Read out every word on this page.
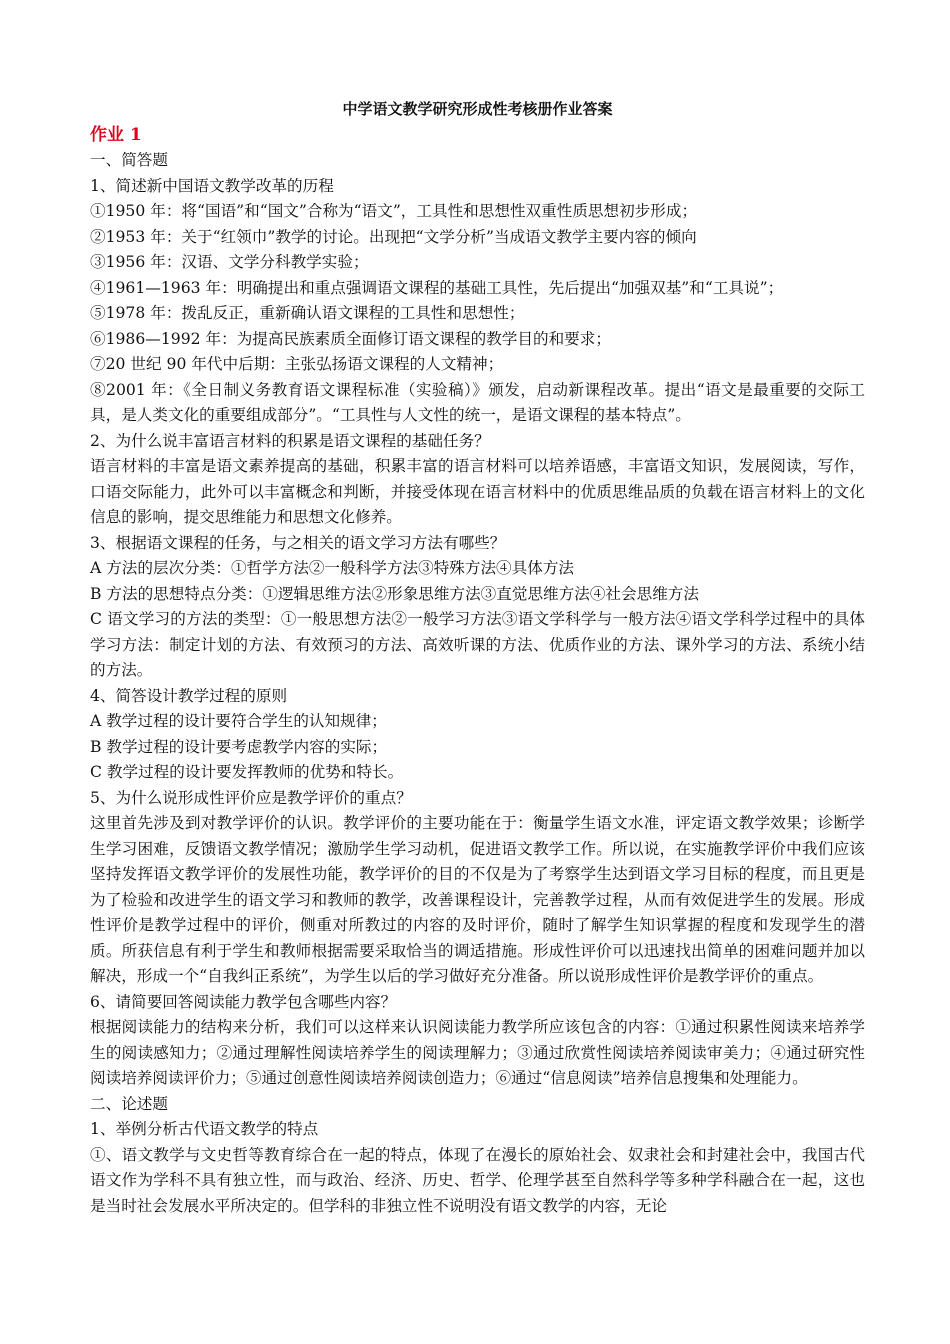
中学语文教学研究形成性考核册作业答案
作业 1
一、简答题
1、简述新中国语文教学改革的历程
①1950 年：将“国语”和“国文”合称为“语文”，工具性和思想性双重性质思想初步形成；
②1953 年：关于“红领巾”教学的讨论。出现把“文学分析”当成语文教学主要内容的倾向
③1956 年：汉语、文学分科教学实验；
④1961—1963 年：明确提出和重点强调语文课程的基础工具性，先后提出“加强双基”和“工具说”；
⑤1978 年：拨乱反正，重新确认语文课程的工具性和思想性；
⑥1986—1992 年：为提高民族素质全面修订语文课程的教学目的和要求；
⑦20 世纪 90 年代中后期：主张弘扬语文课程的人文精神；
⑧2001 年：《全日制义务教育语文课程标准（实验稿）》颁发，启动新课程改革。提出“语文是最重要的交际工具，是人类文化的重要组成部分”。“工具性与人文性的统一，是语文课程的基本特点”。
2、为什么说丰富语言材料的积累是语文课程的基础任务？
语言材料的丰富是语文素养提高的基础，积累丰富的语言材料可以培养语感，丰富语文知识，发展阅读，写作，口语交际能力，此外可以丰富概念和判断，并接受体现在语言材料中的优质思维品质的负载在语言材料上的文化信息的影响，提交思维能力和思想文化修养。
3、根据语文课程的任务，与之相关的语文学习方法有哪些？
A 方法的层次分类：①哲学方法②一般科学方法③特殊方法④具体方法
B 方法的思想特点分类：①逻辑思维方法②形象思维方法③直觉思维方法④社会思维方法
C 语文学习的方法的类型：①一般思想方法②一般学习方法③语文学科学与一般方法④语文学科学过程中的具体学习方法：制定计划的方法、有效预习的方法、高效听课的方法、优质作业的方法、课外学习的方法、系统小结的方法。
4、简答设计教学过程的原则
A 教学过程的设计要符合学生的认知规律；
B 教学过程的设计要考虑教学内容的实际；
C 教学过程的设计要发挥教师的优势和特长。
5、为什么说形成性评价应是教学评价的重点？
这里首先涉及到对教学评价的认识。教学评价的主要功能在于：衡量学生语文水准，评定语文教学效果；诊断学生学习困难，反馈语文教学情况；激励学生学习动机，促进语文教学工作。所以说，在实施教学评价中我们应该坚持发挥语文教学评价的发展性功能，教学评价的目的不仅是为了考察学生达到语文学习目标的程度，而且更是为了检验和改进学生的语文学习和教师的教学，改善课程设计，完善教学过程，从而有效促进学生的发展。形成性评价是教学过程中的评价，侧重对所教过的内容的及时评价，随时了解学生知识掌握的程度和发现学生的潜质。所获信息有利于学生和教师根据需要采取恰当的调适措施。形成性评价可以迅速找出简单的困难问题并加以解决，形成一个“自我纠正系统”，为学生以后的学习做好充分准备。所以说形成性评价是教学评价的重点。
6、请简要回答阅读能力教学包含哪些内容？
根据阅读能力的结构来分析，我们可以这样来认识阅读能力教学所应该包含的内容：①通过积累性阅读来培养学生的阅读感知力；②通过理解性阅读培养学生的阅读理解力；③通过欣赏性阅读培养阅读审美力；④通过研究性阅读培养阅读评价力；⑤通过创意性阅读培养阅读创造力；⑥通过“信息阅读”培养信息搜集和处理能力。
二、论述题
1、举例分析古代语文教学的特点
①、语文教学与文史哲等教育综合在一起的特点，体现了在漫长的原始社会、奴隶社会和封建社会中，我国古代语文作为学科不具有独立性，而与政治、经济、历史、哲学、伦理学甚至自然科学等多种学科融合在一起，这也是当时社会发展水平所决定的。但学科的非独立性不说明没有语文教学的内容，无论
